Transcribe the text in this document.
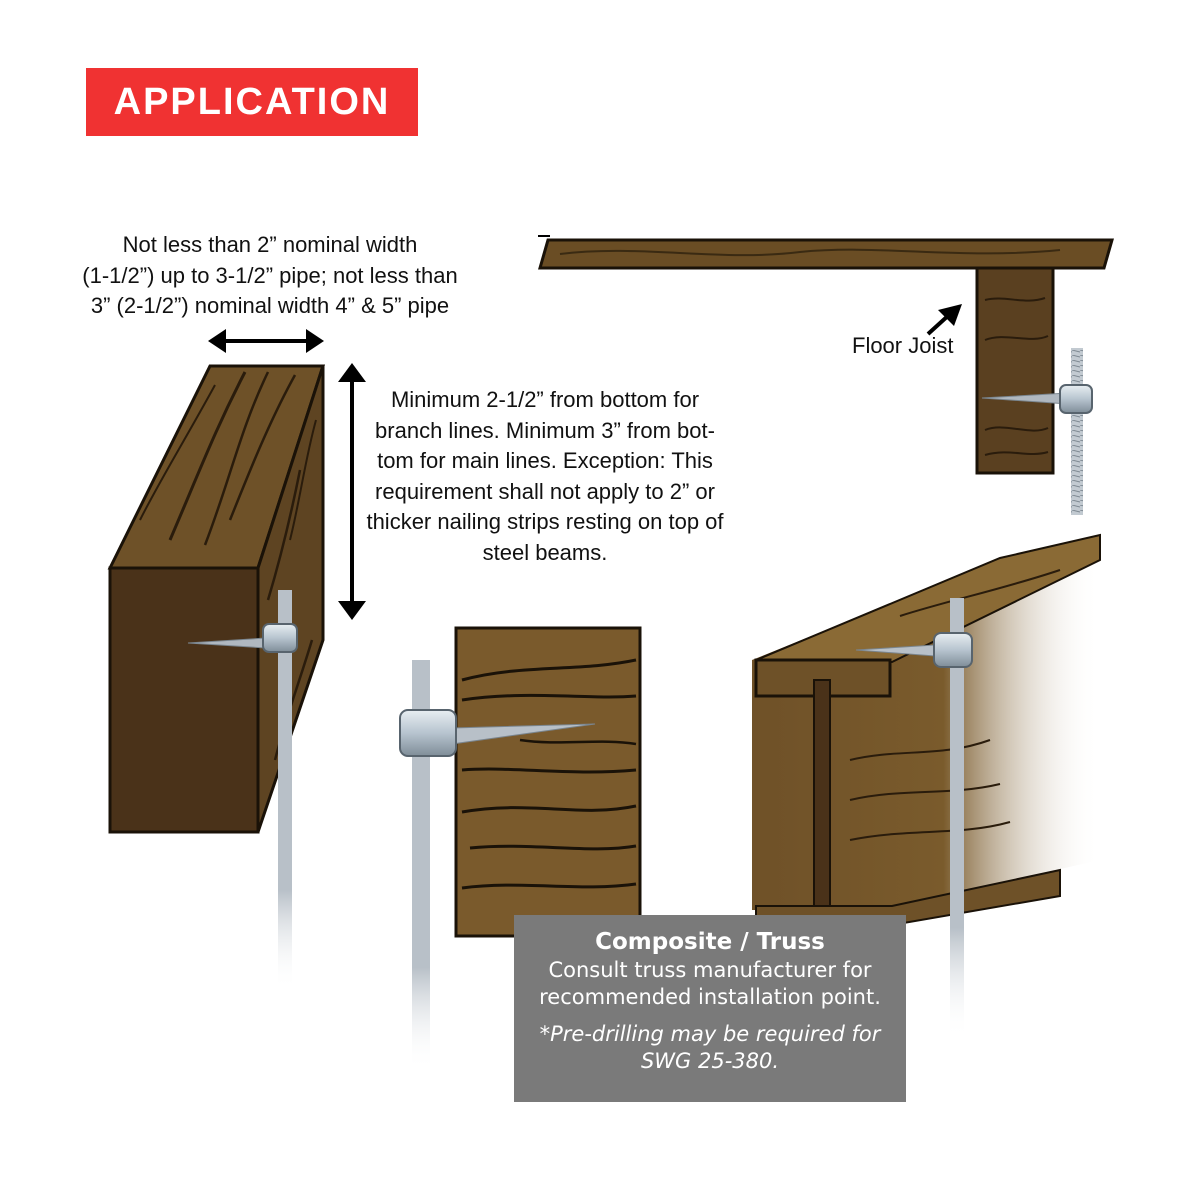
APPLICATION
Not less than 2” nominal width
(1-1/2”) up to 3-1/2” pipe; not less than
3” (2-1/2”) nominal width 4” & 5” pipe
Minimum 2-1/2” from bottom for
branch lines. Minimum 3” from bot-
tom for main lines. Exception: This
requirement shall not apply to 2” or
thicker nailing strips resting on top of
steel beams.
Floor Joist
Composite / Truss
Consult truss manufacturer for
recommended installation point.
*Pre-drilling may be required for
SWG 25-380.
